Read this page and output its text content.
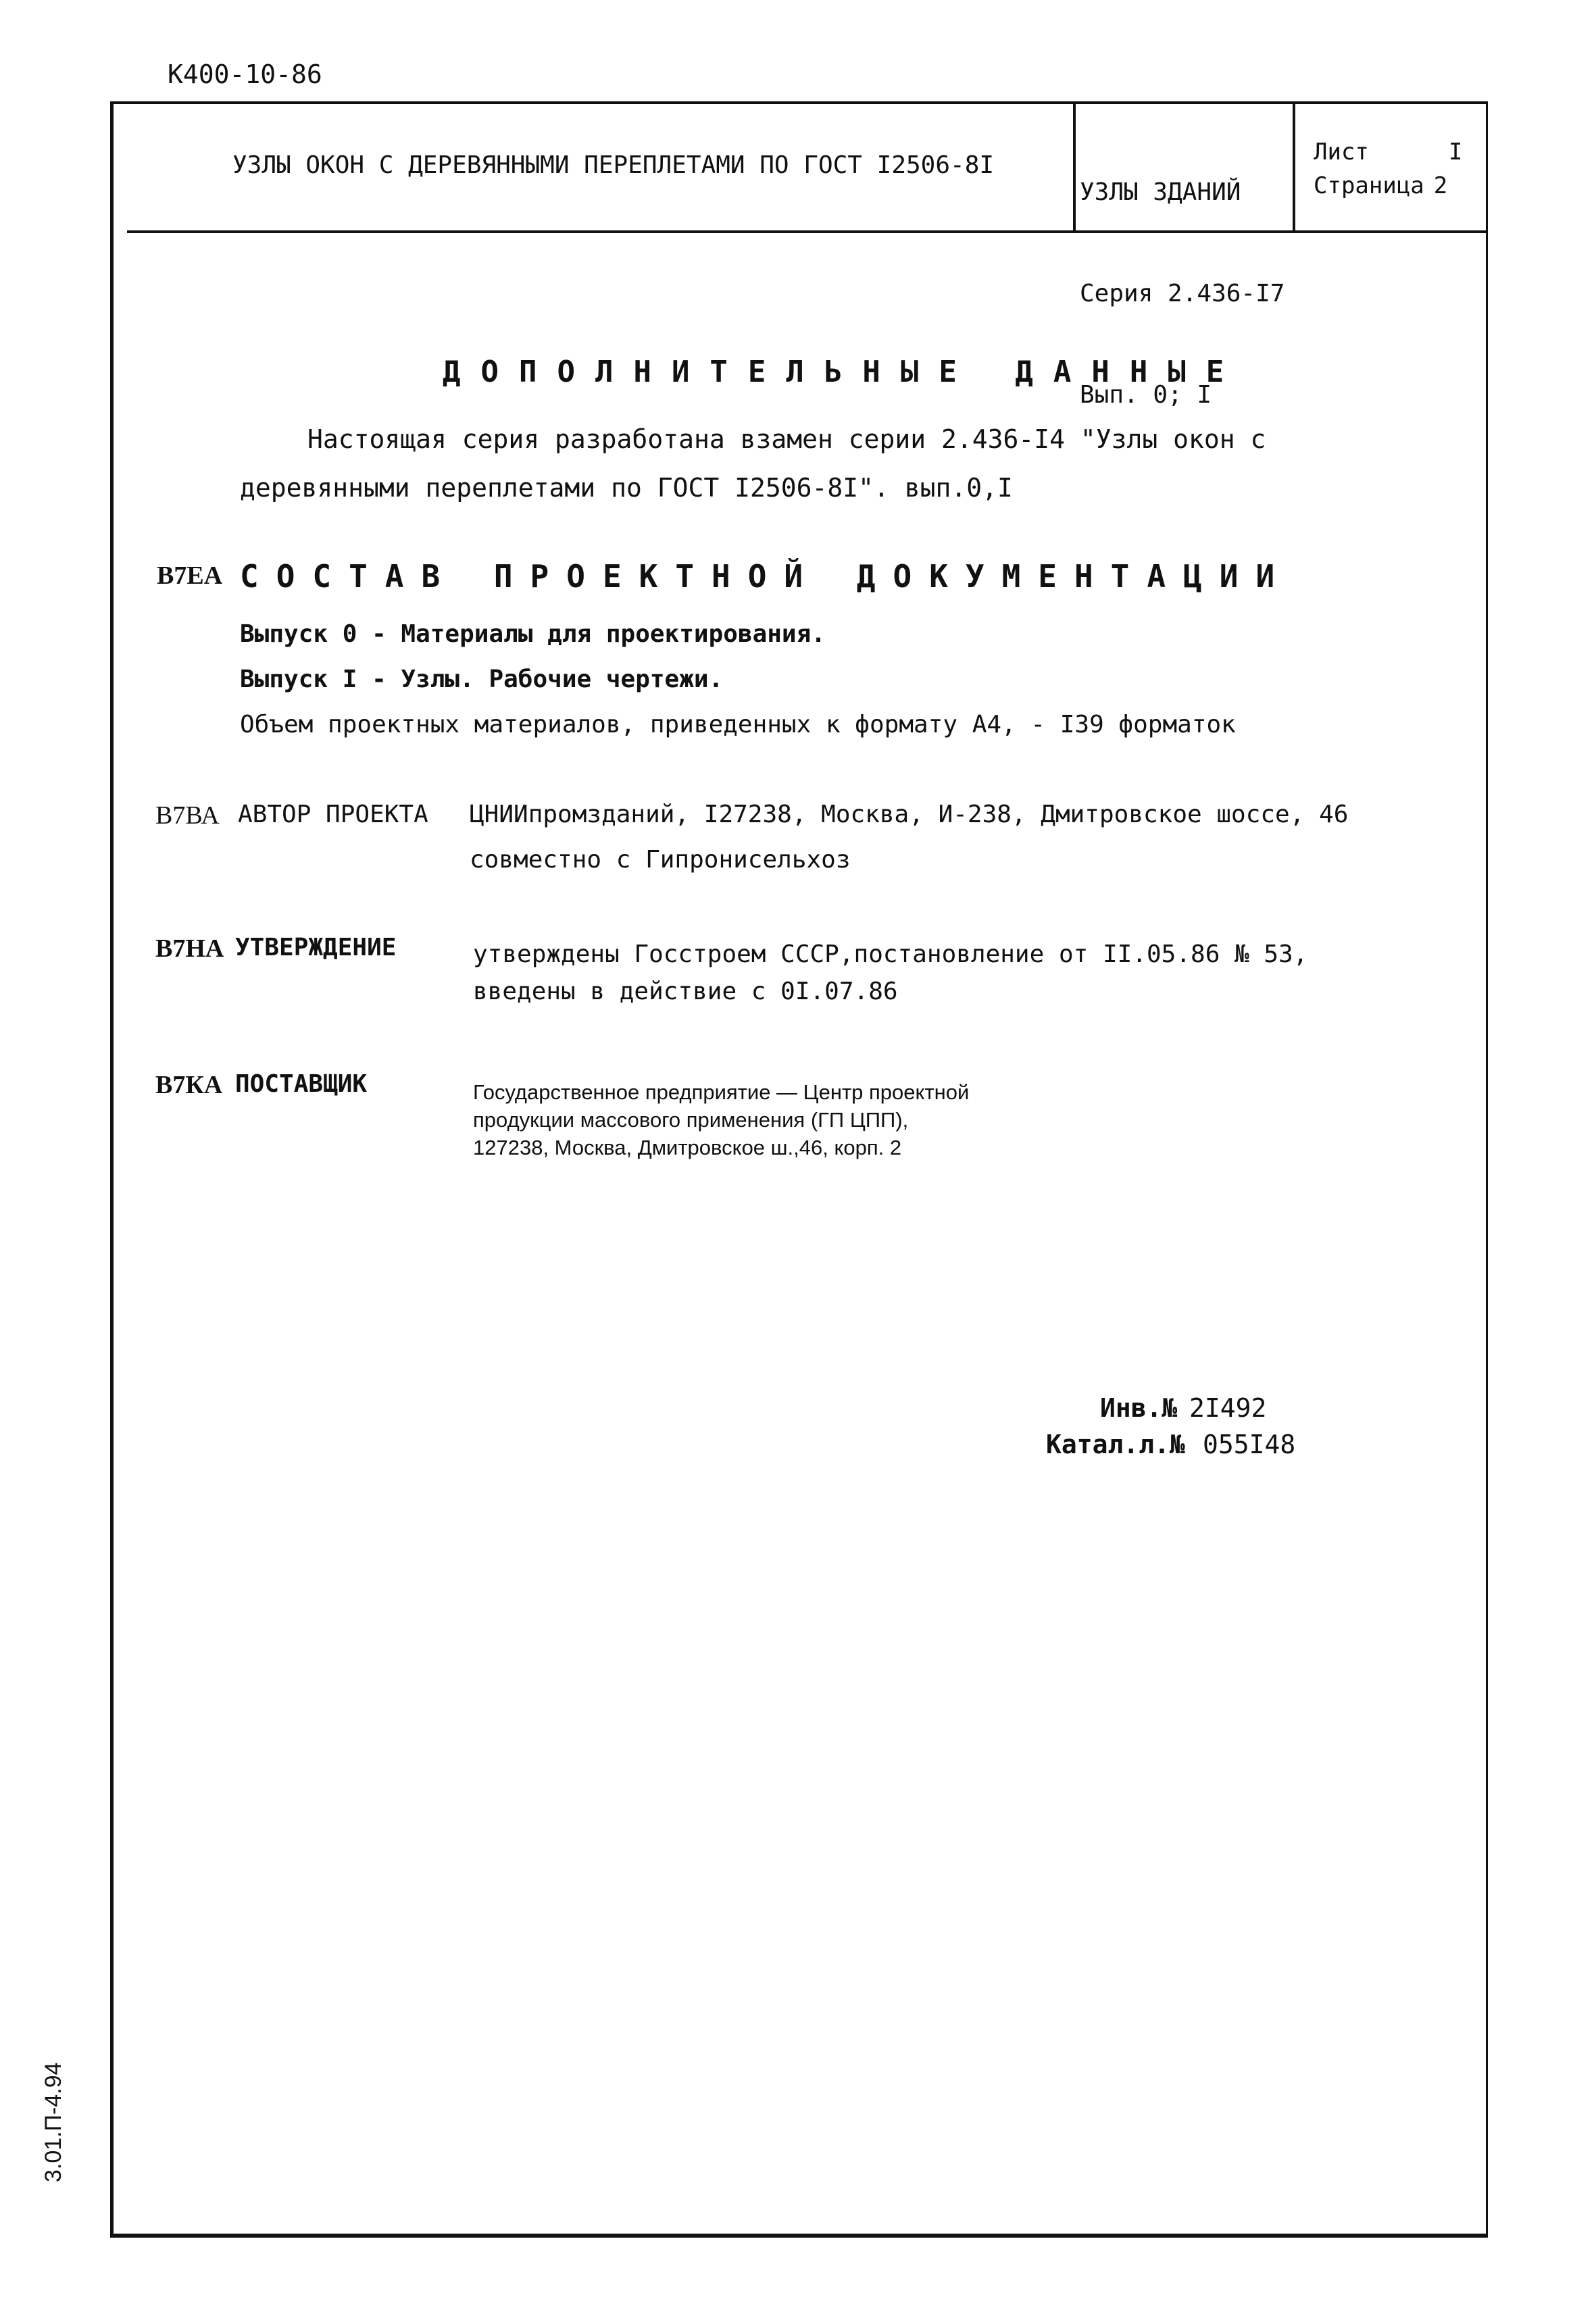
К400-10-86
УЗЛЫ ОКОН С ДЕРЕВЯННЫМИ ПЕРЕПЛЕТАМИ ПО ГОСТ I2506-8I

УЗЛЫ ЗДАНИЙ

Серия 2.436-I7

Вып. 0; I

Лист	I
Страница 2
ДОПОЛНИТЕЛЬНЫЕ ДАННЫЕ
Настоящая серия разработана взамен серии 2.436-I4 "Узлы окон с
деревянными переплетами по ГОСТ I2506-8I". вып.0,I
В7ЕА СОСТАВ ПРОЕКТНОЙ ДОКУМЕНТАЦИИ
Выпуск 0 - Материалы для проектирования.
Выпуск I - Узлы. Рабочие чертежи.
Объем проектных материалов, приведенных к формату А4, - I39 форматок
В7ВА АВТОР ПРОЕКТА ЦНИИпромзданий, I27238, Москва, И-238, Дмитровское шоссе, 46
совместно с Гипронисельхоз
В7НА УТВЕРЖДЕНИЕ	утверждены Госстроем СССР,постановление от II.05.86 № 53,
введены в действие с 0I.07.86
В7КА ПОСТАВЩИК	Государственное предприятие — Центр проектной
продукции массового применения (ГП ЦПП),
127238, Москва, Дмитровское ш.,46, корп. 2
Инв.№ 2I492
Катал.л.№ 055I48
3.01.П-4.94
